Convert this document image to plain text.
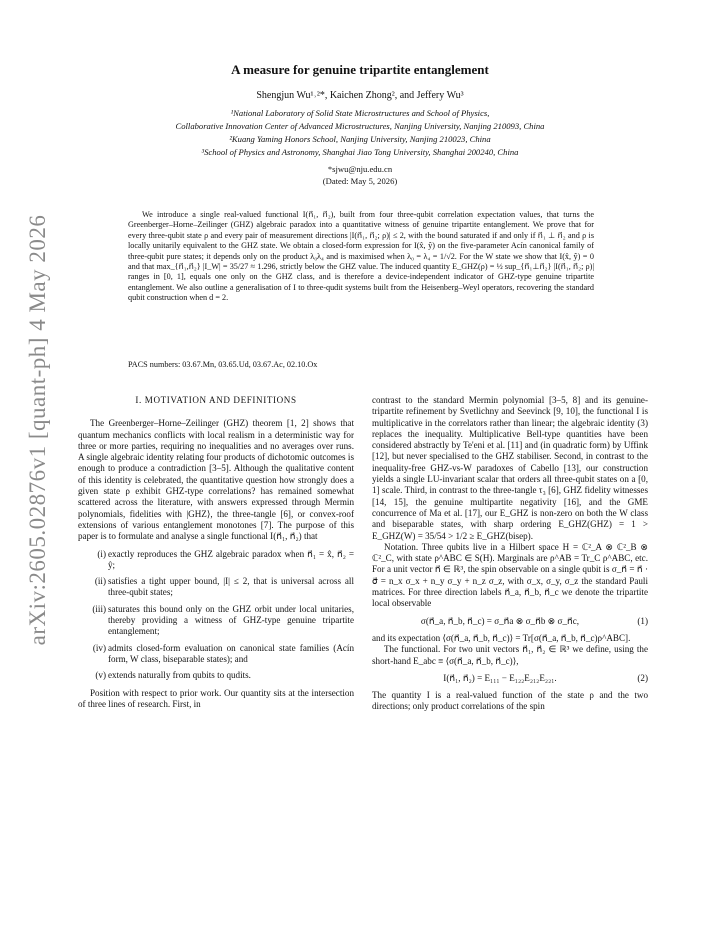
arXiv:2605.02876v1 [quant-ph] 4 May 2026
A measure for genuine tripartite entanglement
Shengjun Wu¹˒²*, Kaichen Zhong², and Jeffery Wu³
¹National Laboratory of Solid State Microstructures and School of Physics,
Collaborative Innovation Center of Advanced Microstructures, Nanjing University, Nanjing 210093, China
²Kuang Yaming Honors School, Nanjing University, Nanjing 210023, China
³School of Physics and Astronomy, Shanghai Jiao Tong University, Shanghai 200240, China
*sjwu@nju.edu.cn
(Dated: May 5, 2026)

We introduce a single real-valued functional I(n⃗₁, n⃗₂), built from four three-qubit correlation expectation values, that turns the Greenberger–Horne–Zeilinger (GHZ) algebraic paradox into a quantitative witness of genuine tripartite entanglement. We prove that for every three-qubit state ρ and every pair of measurement directions |I(n⃗₁, n⃗₂; ρ)| ≤ 2, with the bound saturated if and only if n⃗₁ ⊥ n⃗₂ and ρ is locally unitarily equivalent to the GHZ state. We obtain a closed-form expression for I(x̂, ŷ) on the five-parameter Acín canonical family of three-qubit pure states; it depends only on the product λ₀λ₄ and is maximised when λ₀ = λ₄ = 1/√2. For the W state we show that I(x̂, ŷ) = 0 and that max_{n⃗₁,n⃗₂} |I_W| = 35/27 ≈ 1.296, strictly below the GHZ value. The induced quantity E_GHZ(ρ) = ½ sup_{n⃗₁⊥n⃗₂} |I(n⃗₁, n⃗₂; ρ)| ranges in [0, 1], equals one only on the GHZ class, and is therefore a device-independent indicator of GHZ-type genuine tripartite entanglement. We also outline a generalisation of I to three-qudit systems built from the Heisenberg–Weyl operators, recovering the standard qubit construction when d = 2.

PACS numbers: 03.67.Mn, 03.65.Ud, 03.67.Ac, 02.10.Ox
I. MOTIVATION AND DEFINITIONS

The Greenberger–Horne–Zeilinger (GHZ) theorem [1, 2] shows that quantum mechanics conflicts with local realism in a deterministic way for three or more parties, requiring no inequalities and no averages over runs. A single algebraic identity relating four products of dichotomic outcomes is enough to produce a contradiction [3–5]. Although the qualitative content of this identity is celebrated, the quantitative question how strongly does a given state ρ exhibit GHZ-type correlations? has remained somewhat scattered across the literature, with answers expressed through Mermin polynomials, fidelities with |GHZ⟩, the three-tangle [6], or convex-roof extensions of various entanglement monotones [7]. The purpose of this paper is to formulate and analyse a single functional I(n⃗₁, n⃗₂) that

(i) exactly reproduces the GHZ algebraic paradox when n⃗₁ = x̂, n⃗₂ = ŷ;
(ii) satisfies a tight upper bound, |I| ≤ 2, that is universal across all three-qubit states;
(iii) saturates this bound only on the GHZ orbit under local unitaries, thereby providing a witness of GHZ-type genuine tripartite entanglement;
(iv) admits closed-form evaluation on canonical state families (Acín form, W class, biseparable states); and
(v) extends naturally from qubits to qudits.

Position with respect to prior work. Our quantity sits at the intersection of three lines of research. First, in

contrast to the standard Mermin polynomial [3–5, 8] and its genuine-tripartite refinement by Svetlichny and Seevinck [9, 10], the functional I is multiplicative in the correlators rather than linear; the algebraic identity (3) replaces the inequality. Multiplicative Bell-type quantities have been considered abstractly by Te'eni et al. [11] and (in quadratic form) by Uffink [12], but never specialised to the GHZ stabiliser. Second, in contrast to the inequality-free GHZ-vs-W paradoxes of Cabello [13], our construction yields a single LU-invariant scalar that orders all three-qubit states on a [0, 1] scale. Third, in contrast to the three-tangle τ₃ [6], GHZ fidelity witnesses [14, 15], the genuine multipartite negativity [16], and the GME concurrence of Ma et al. [17], our E_GHZ is non-zero on both the W class and biseparable states, with sharp ordering E_GHZ(GHZ) = 1 > E_GHZ(W) = 35/54 > 1/2 ≥ E_GHZ(bisep).

Notation. Three qubits live in a Hilbert space H = ℂ²_A ⊗ ℂ²_B ⊗ ℂ²_C, with state ρ^ABC ∈ S(H). Marginals are ρ^AB = Tr_C ρ^ABC, etc. For a unit vector n⃗ ∈ ℝ³, the spin observable on a single qubit is σ_n⃗ = n⃗ · σ⃗ = n_x σ_x + n_y σ_y + n_z σ_z, with σ_x, σ_y, σ_z the standard Pauli matrices. For three direction labels n⃗_a, n⃗_b, n⃗_c we denote the tripartite local observable

σ(n⃗_a, n⃗_b, n⃗_c) = σ_n⃗a ⊗ σ_n⃗b ⊗ σ_n⃗c,	(1)

and its expectation ⟨σ(n⃗_a, n⃗_b, n⃗_c)⟩ = Tr[σ(n⃗_a, n⃗_b, n⃗_c)ρ^ABC].

The functional. For two unit vectors n⃗₁, n⃗₂ ∈ ℝ³ we define, using the short-hand E_abc ≡ ⟨σ(n⃗_a, n⃗_b, n⃗_c)⟩,

I(n⃗₁, n⃗₂) = E₁₁₁ − E₁₂₂E₂₁₂E₂₂₁.	(2)

The quantity I is a real-valued function of the state ρ and the two directions; only product correlations of the spin
